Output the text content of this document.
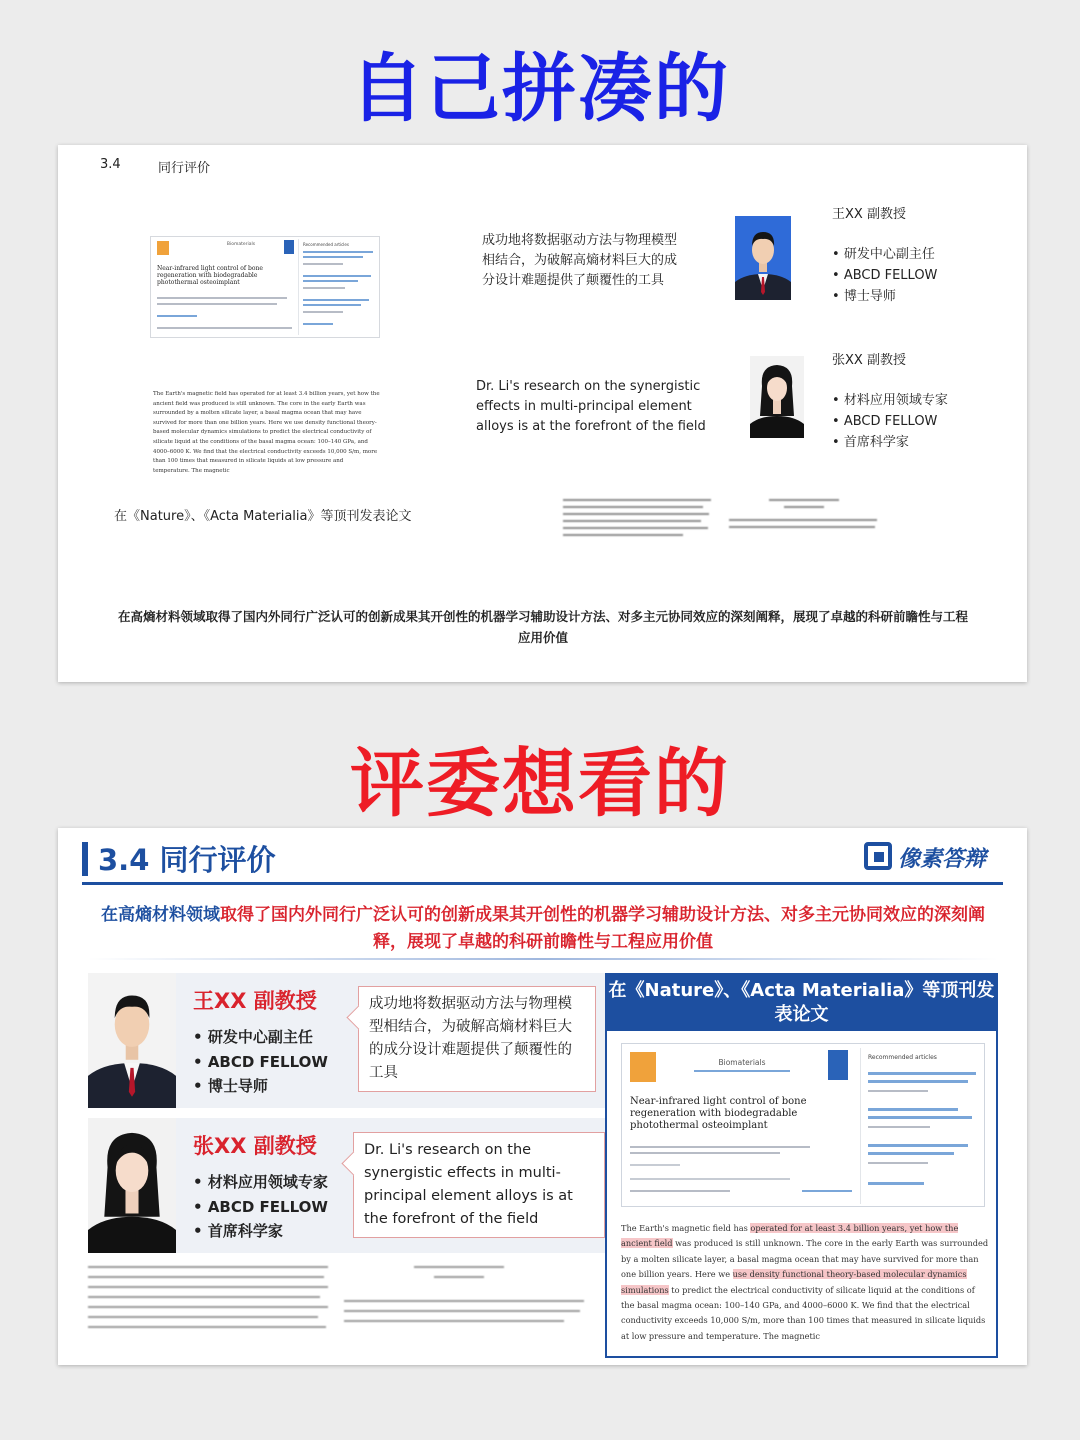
自己拼凑的
3.4	同行评价
Biomaterials
Near-infrared light control of bone regeneration with biodegradable photothermal osteoimplant
Recommended articles	成功地将数据驱动方法与物理模型相结合，为破解高熵材料巨大的成分设计难题提供了颠覆性的工具
Dr. Li's research on the synergistic effects in multi-principal element alloys is at the forefront of the field
The Earth's magnetic field has operated for at least 3.4 billion years, yet how the ancient field was produced is still unknown. The core in the early Earth was surrounded by a molten silicate layer, a basal magma ocean that may have survived for more than one billion years. Here we use density functional theory-based molecular dynamics simulations to predict the electrical conductivity of silicate liquid at the conditions of the basal magma ocean: 100–140 GPa, and 4000–6000 K. We find that the electrical conductivity exceeds 10,000 S/m, more than 100 times that measured in silicate liquids at low pressure and temperature. The magnetic
在《Nature》、《Acta Materialia》等顶刊发表论文
王XX 副教授
• 研发中心副主任
• ABCD FELLOW
• 博士导师
张XX 副教授
• 材料应用领域专家
• ABCD FELLOW
• 首席科学家
在高熵材料领域取得了国内外同行广泛认可的创新成果其开创性的机器学习辅助设计方法、对多主元协同效应的深刻阐释，展现了卓越的科研前瞻性与工程应用价值
评委想看的
3.4 同行评价	像素答辩
在高熵材料领域取得了国内外同行广泛认可的创新成果其开创性的机器学习辅助设计方法、对多主元协同效应的深刻阐释，展现了卓越的科研前瞻性与工程应用价值
王XX 副教授
• 研发中心副主任
• ABCD FELLOW
• 博士导师
成功地将数据驱动方法与物理模型相结合，为破解高熵材料巨大的成分设计难题提供了颠覆性的工具
张XX 副教授
• 材料应用领域专家
• ABCD FELLOW
• 首席科学家
Dr. Li's research on the synergistic effects in multi-principal element alloys is at the forefront of the field
在《Nature》、《Acta Materialia》等顶刊发表论文
Biomaterials
Near-infrared light control of bone regeneration with biodegradable photothermal osteoimplant
Recommended articles
The Earth's magnetic field has operated for at least 3.4 billion years, yet how the ancient field was produced is still unknown. The core in the early Earth was surrounded by a molten silicate layer, a basal magma ocean that may have survived for more than one billion years. Here we use density functional theory-based molecular dynamics simulations to predict the electrical conductivity of silicate liquid at the conditions of the basal magma ocean: 100–140 GPa, and 4000–6000 K. We find that the electrical conductivity exceeds 10,000 S/m, more than 100 times that measured in silicate liquids at low pressure and temperature. The magnetic
